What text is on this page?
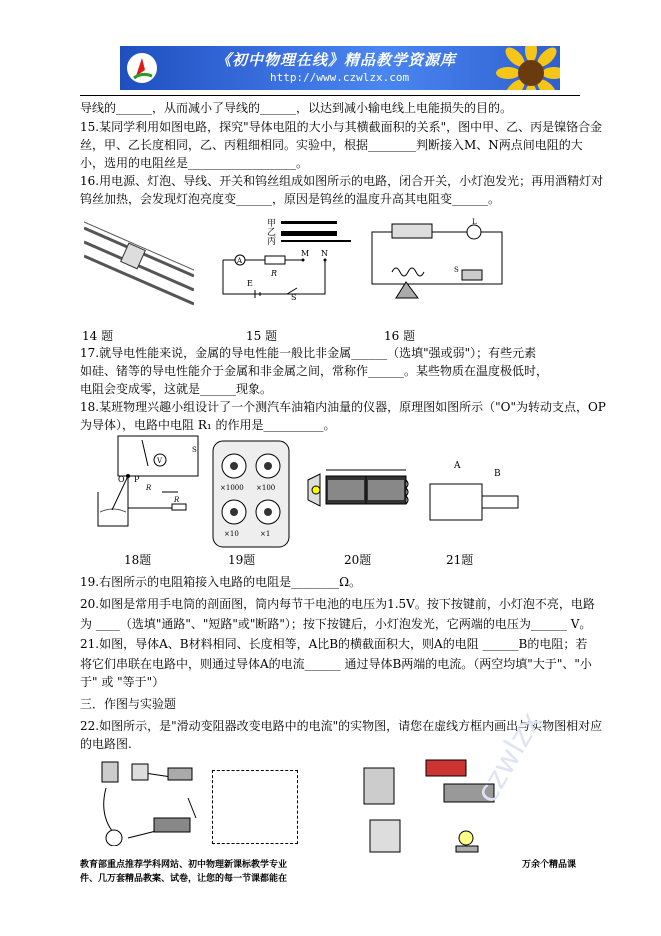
《初中物理在线》精品教学资源库
http://www.czwlzx.com
导线的______，从而减小了导线的______，以达到减小输电线上电能损失的目的。
15.某同学利用如图电路，探究"导体电阻的大小与其横截面积的关系"，图中甲、乙、丙是镍铬合金
丝，甲、乙长度相同，乙、丙粗细相同。实验中，根据________判断接入M、N两点间电阻的大
小，选用的电阻丝是__________________。
16.用电源、灯泡、导线、开关和钨丝组成如图所示的电路，闭合开关，小灯泡发光；再用酒精灯对
钨丝加热，会发现灯泡亮度变______，原因是钨丝的温度升高其电阻变______。
甲
乙
丙
A
M N
R
E
S
L
S
14 题	15 题	16 题
17.就导电性能来说，金属的导电性能一般比非金属______（选填"强或弱"）；有些元素
如硅、锗等的导电性能介于金属和非金属之间，常称作______。某些物质在温度极低时，
电阻会变成零，这就是______现象。
18.某班物理兴趣小组设计了一个测汽车油箱内油量的仪器，原理图如图所示（"O"为转动支点，OP
为导体），电路中电阻 R₁ 的作用是__________。
O P
V
R
R
S
×1000 ×100
×10	×1
A
B
18题	19题	20题	21题
19.右图所示的电阻箱接入电路的电阻是________Ω。
20.如图是常用手电筒的剖面图，筒内每节干电池的电压为1.5V。按下按键前，小灯泡不亮，电路
为 ____（选填"通路"、"短路"或"断路"）；按下按键后，小灯泡发光，它两端的电压为______ V。
21.如图，导体A、B材料相同、长度相等，A比B的横截面积大，则A的电阻 ______B的电阻；若
将它们串联在电路中，则通过导体A的电流______ 通过导体B两端的电流。（两空均填"大于"、"小
于" 或 "等于"）
三．作图与实验题
22.如图所示，是"滑动变阻器改变电路中的电流"的实物图，请您在虚线方框内画出与实物图相对应
的电路图.	czwlzx
教育部重点推荐学科网站、初中物理新课标教学专业
件、几万套精品教案、试卷，让您的每一节课都能在
万余个精品课
